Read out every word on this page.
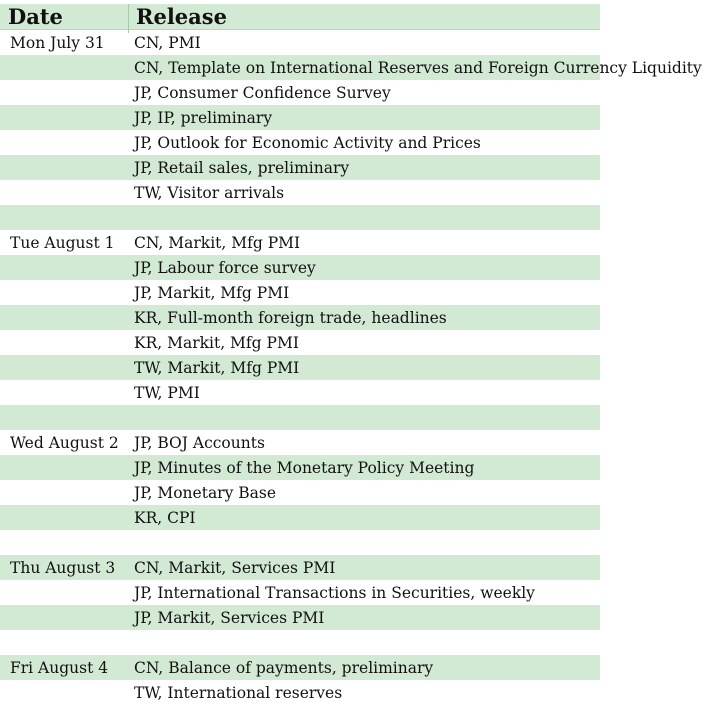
Date	Release
Mon July 31	CN, PMI
CN, Template on International Reserves and Foreign Currency Liquidity
JP, Consumer Confidence Survey
JP, IP, preliminary
JP, Outlook for Economic Activity and Prices
JP, Retail sales, preliminary
TW, Visitor arrivals
Tue August 1	CN, Markit, Mfg PMI
JP, Labour force survey
JP, Markit, Mfg PMI
KR, Full-month foreign trade, headlines
KR, Markit, Mfg PMI
TW, Markit, Mfg PMI
TW, PMI
Wed August 2 JP, BOJ Accounts
JP, Minutes of the Monetary Policy Meeting
JP, Monetary Base
KR, CPI
Thu August 3	CN, Markit, Services PMI
JP, International Transactions in Securities, weekly
JP, Markit, Services PMI
Fri August 4	CN, Balance of payments, preliminary
TW, International reserves
